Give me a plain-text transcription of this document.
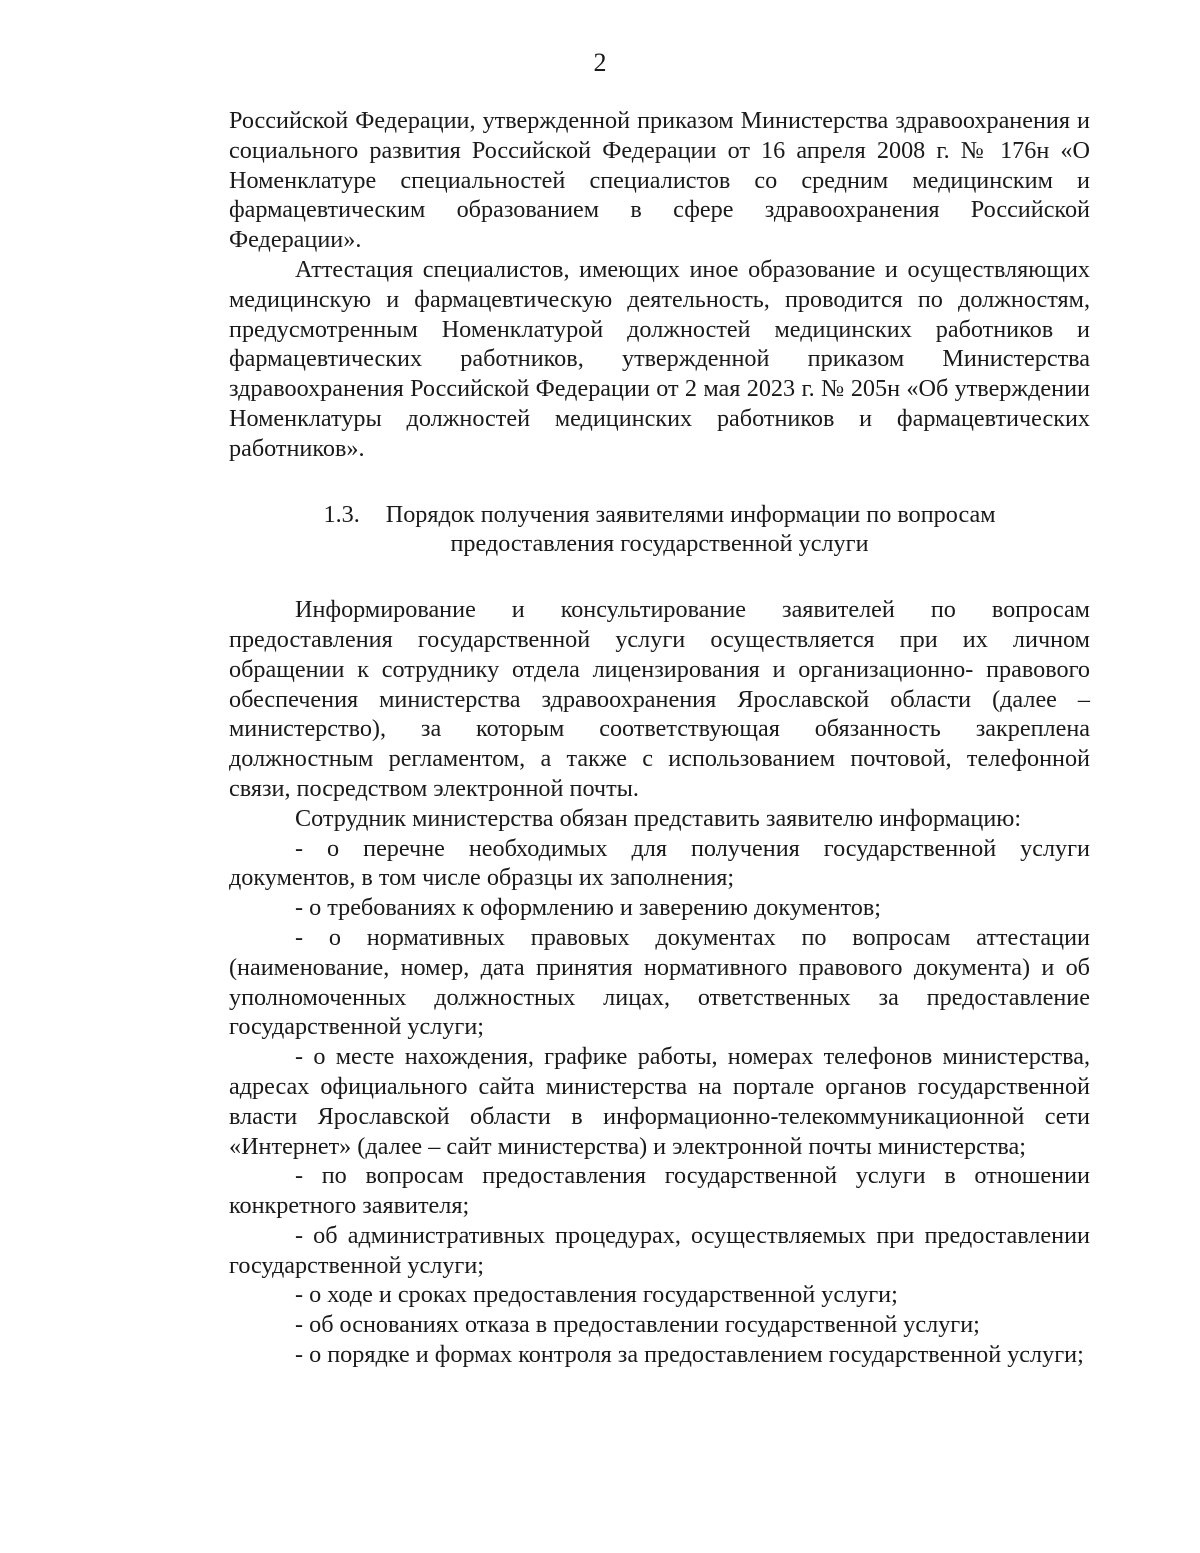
2

Российской Федерации, утвержденной приказом Министерства здравоохранения и социального развития Российской Федерации от 16 апреля 2008 г. № 176н «О Номенклатуре специальностей специалистов со средним медицинским и фармацевтическим образованием в сфере здравоохранения Российской Федерации».

Аттестация специалистов, имеющих иное образование и осуществляющих медицинскую и фармацевтическую деятельность, проводится по должностям, предусмотренным Номенклатурой должностей медицинских работников и фармацевтических работников, утвержденной приказом Министерства здравоохранения Российской Федерации от 2 мая 2023 г. № 205н «Об утверждении Номенклатуры должностей медицинских работников и фармацевтических работников».

1.3. Порядок получения заявителями информации по вопросам
предоставления государственной услуги

Информирование и консультирование заявителей по вопросам предоставления государственной услуги осуществляется при их личном обращении к сотруднику отдела лицензирования и организационно- правового обеспечения министерства здравоохранения Ярославской области (далее – министерство), за которым соответствующая обязанность закреплена должностным регламентом, а также с использованием почтовой, телефонной связи, посредством электронной почты.

Сотрудник министерства обязан представить заявителю информацию:

- о перечне необходимых для получения государственной услуги документов, в том числе образцы их заполнения;

- о требованиях к оформлению и заверению документов;

- о нормативных правовых документах по вопросам аттестации (наименование, номер, дата принятия нормативного правового документа) и об уполномоченных должностных лицах, ответственных за предоставление государственной услуги;

- о месте нахождения, графике работы, номерах телефонов министерства, адресах официального сайта министерства на портале органов государственной власти Ярославской области в информационно-телекоммуникационной сети «Интернет» (далее – сайт министерства) и электронной почты министерства;

- по вопросам предоставления государственной услуги в отношении конкретного заявителя;

- об административных процедурах, осуществляемых при предоставлении государственной услуги;

- о ходе и сроках предоставления государственной услуги;

- об основаниях отказа в предоставлении государственной услуги;

- о порядке и формах контроля за предоставлением государственной услуги;
